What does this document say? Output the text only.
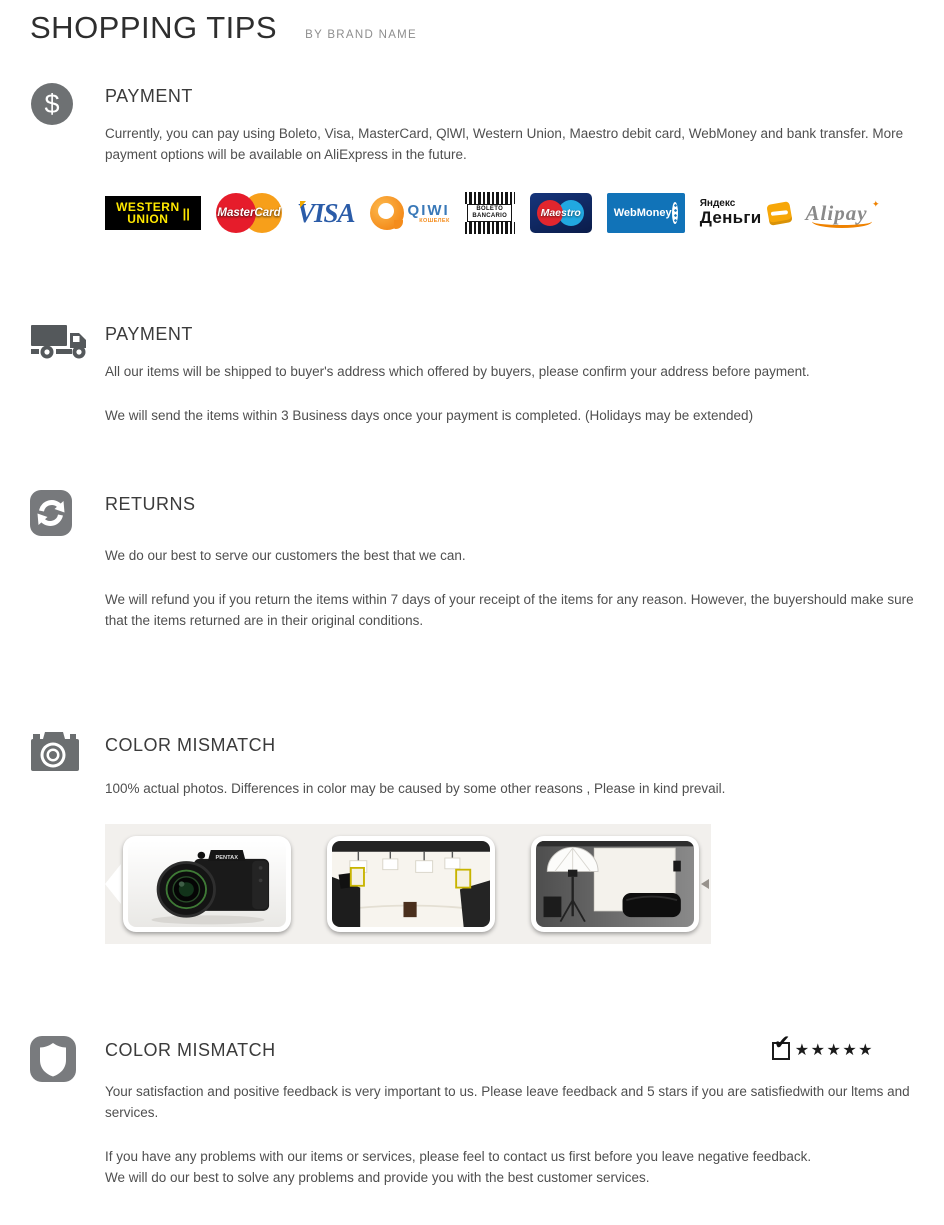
SHOPPING TIPS BY BRAND NAME
$	PAYMENT

Currently, you can pay using Boleto, Visa, MasterCard, QlWl, Western Union, Maestro debit card, WebMoney and bank transfer. More payment options will be available on AliExpress in the future.

WESTERN
UNION	|| MasterCard VISA	QIWI
КОШЕЛЕК
BOLETO
BANCARIO	Maestro	WebMoney
Яндекс
Деньги Alipay ✦
PAYMENT

All our items will be shipped to buyer's address which offered by buyers, please confirm your address before payment.

We will send the items within 3 Business days once your payment is completed. (Holidays may be extended)

RETURNS

We do our best to serve our customers the best that we can.

We will refund you if you return the items within 7 days of your receipt of the items for any reason. However, the buyershould make sure that the items returned are in their original conditions.

COLOR MISMATCH

100% actual photos. Differences in color may be caused by some other reasons , Please in kind prevail.

PENTAX
COLOR MISMATCH	✔ ★★★★★

Your satisfaction and positive feedback is very important to us. Please leave feedback and 5 stars if you are satisfiedwith our ltems and services.

If you have any problems with our items or services, please feel to contact us first before you leave negative feedback.

We will do our best to solve any problems and provide you with the best customer services.
